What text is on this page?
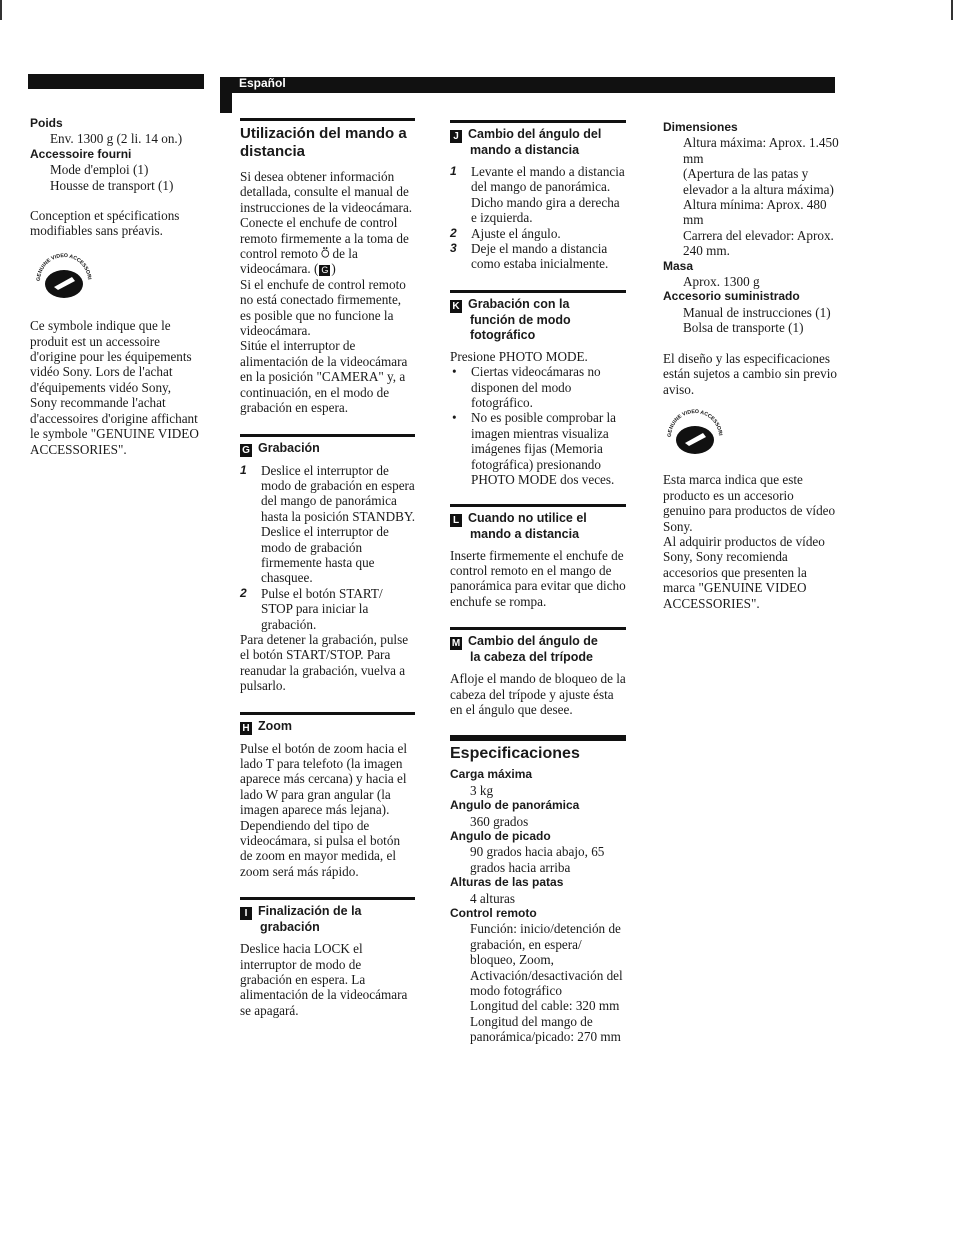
Español

Poids

Env. 1300 g (2 li. 14 on.)

Accessoire fourni

Mode d'emploi (1)

Housse de transport (1)

Conception et spécifications modifiables sans préavis.

GENUINE VIDEO ACCESSORI

Ce symbole indique que le produit est un accessoire d'origine pour les équipements vidéo Sony. Lors de l'achat d'équipements vidéo Sony, Sony recommande l'achat d'accessoires d'origine affichant le symbole "GENUINE VIDEO ACCESSORIES".

Utilización del mando a distancia

Si desea obtener información detallada, consulte el manual de instrucciones de la videocámara.

Conecte el enchufe de control remoto firmemente a la toma de control remoto ⍥ de la videocámara. ( G )

Si el enchufe de control remoto no está conectado firmemente, es posible que no funcione la videocámara.

Sitúe el interruptor de alimentación de la videocámara en la posición "CAMERA" y, a continuación, en el modo de grabación en espera.

G Grabación
1 Deslice el interruptor de modo de grabación en espera del mango de panorámica hasta la posición STANDBY. Deslice el interruptor de modo de grabación firmemente hasta que chasquee.
2 Pulse el botón START/ STOP para iniciar la grabación.

Para detener la grabación, pulse el botón START/STOP. Para reanudar la grabación, vuelva a pulsarlo.

H Zoom

Pulse el botón de zoom hacia el lado T para telefoto (la imagen aparece más cercana) y hacia el lado W para gran angular (la imagen aparece más lejana). Dependiendo del tipo de videocámara, si pulsa el botón de zoom en mayor medida, el zoom será más rápido.

I Finalización de la
grabación

Deslice hacia LOCK el interruptor de modo de grabación en espera. La alimentación de la videocámara se apagará.

J Cambio del ángulo del
mando a distancia
1 Levante el mando a distancia del mango de panorámica. Dicho mando gira a derecha e izquierda.
2 Ajuste el ángulo.
3 Deje el mando a distancia como estaba inicialmente.
K Grabación con la
función de modo
fotográfico

Presione PHOTO MODE.

• Ciertas videocámaras no disponen del modo fotográfico.
• No es posible comprobar la imagen mientras visualiza imágenes fijas (Memoria fotográfica) presionando PHOTO MODE dos veces.
L Cuando no utilice el
mando a distancia

Inserte firmemente el enchufe de control remoto en el mango de panorámica para evitar que dicho enchufe se rompa.

M Cambio del ángulo de
la cabeza del trípode

Afloje el mando de bloqueo de la cabeza del trípode y ajuste ésta en el ángulo que desee.

Especificaciones

Carga máxima

3 kg

Angulo de panorámica

360 grados

Angulo de picado

90 grados hacia abajo, 65 grados hacia arriba

Alturas de las patas

4 alturas

Control remoto

Función: inicio/detención de grabación, en espera/ bloqueo, Zoom, Activación/desactivación del modo fotográfico

Longitud del cable: 320 mm

Longitud del mango de panorámica/picado: 270 mm

Dimensiones

Altura máxima: Aprox. 1.450 mm

(Apertura de las patas y elevador a la altura máxima)

Altura mínima: Aprox. 480 mm

Carrera del elevador: Aprox. 240 mm.

Masa

Aprox. 1300 g

Accesorio suministrado

Manual de instrucciones (1)

Bolsa de transporte (1)

El diseño y las especificaciones están sujetos a cambio sin previo aviso.

GENUINE VIDEO ACCESSORI

Esta marca indica que este producto es un accesorio genuino para productos de vídeo Sony.

Al adquirir productos de vídeo Sony, Sony recomienda accesorios que presenten la marca "GENUINE VIDEO ACCESSORIES".
